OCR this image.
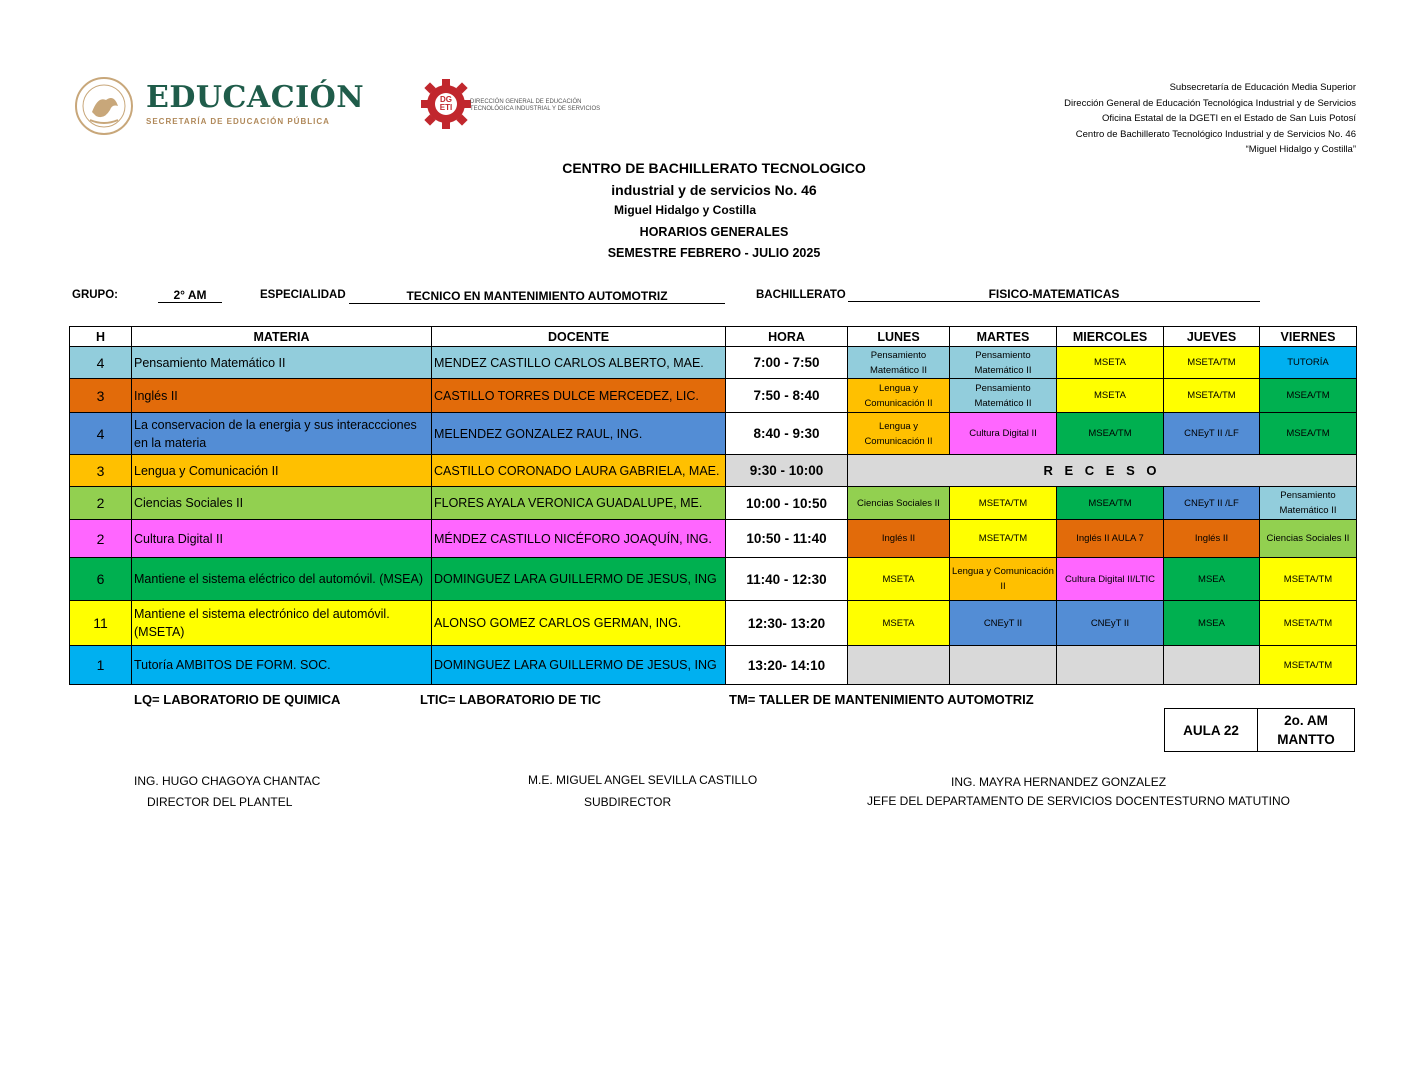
EDUCACIÓN
SECRETARÍA DE EDUCACIÓN PÚBLICA
DG
ETI
DIRECCIÓN GENERAL DE EDUCACIÓN
TECNOLÓGICA INDUSTRIAL Y DE SERVICIOS
Subsecretaría de Educación Media Superior
Dirección General de Educación Tecnológica Industrial y de Servicios
Oficina Estatal de la DGETI en el Estado de San Luis Potosí
Centro de Bachillerato Tecnológico Industrial y de Servicios No. 46
“Miguel Hidalgo y Costilla”
CENTRO DE BACHILLERATO TECNOLOGICO
industrial y de servicios No. 46
Miguel Hidalgo y Costilla
HORARIOS GENERALES
SEMESTRE FEBRERO - JULIO 2025
GRUPO:	2° AM	ESPECIALIDAD	TECNICO EN MANTENIMIENTO AUTOMOTRIZ	BACHILLERATO	FISICO-MATEMATICAS
H	MATERIA	DOCENTE	HORA	LUNES	MARTES	MIERCOLES	JUEVES	VIERNES
4	Pensamiento Matemático II	MENDEZ CASTILLO CARLOS ALBERTO, MAE.	7:00 - 7:50	Pensamiento Matemático II	Pensamiento Matemático II	MSETA	MSETA/TM	TUTORÍA
3	Inglés II	CASTILLO TORRES DULCE MERCEDEZ, LIC.	7:50 - 8:40	Lengua y Comunicación II	Pensamiento Matemático II	MSETA	MSETA/TM	MSEA/TM
4	La conservacion de la energia y sus interaccciones en la materia	MELENDEZ GONZALEZ RAUL, ING.	8:40 - 9:30	Lengua y Comunicación II	Cultura Digital II	MSEA/TM	CNEyT II /LF	MSEA/TM
3	Lengua y Comunicación II	CASTILLO CORONADO LAURA GABRIELA, MAE.	9:30 - 10:00	R E C E S O				
2	Ciencias Sociales II	FLORES AYALA VERONICA GUADALUPE, ME.	10:00 - 10:50	Ciencias Sociales II	MSETA/TM	MSEA/TM	CNEyT II /LF	Pensamiento Matemático II
2	Cultura Digital II	MÉNDEZ CASTILLO NICÉFORO JOAQUÍN, ING.	10:50 - 11:40	Inglés II	MSETA/TM	Inglés II AULA 7	Inglés II	Ciencias Sociales II
6	Mantiene el sistema eléctrico del automóvil. (MSEA)	DOMINGUEZ LARA GUILLERMO DE JESUS, ING	11:40 - 12:30	MSETA	Lengua y Comunicación II	Cultura Digital II/LTIC	MSEA	MSETA/TM
11	Mantiene el sistema electrónico del automóvil. (MSETA)	ALONSO GOMEZ CARLOS GERMAN, ING.	12:30- 13:20	MSETA	CNEyT II	CNEyT II	MSEA	MSETA/TM
1	Tutoría AMBITOS DE FORM. SOC.	DOMINGUEZ LARA GUILLERMO DE JESUS, ING	13:20- 14:10					MSETA/TM
LQ= LABORATORIO DE QUIMICA	LTIC= LABORATORIO DE TIC	TM= TALLER DE MANTENIMIENTO AUTOMOTRIZ
AULA 22	
2o. AM
MANTTO
ING. HUGO CHAGOYA CHANTAC
DIRECTOR DEL PLANTEL
M.E. MIGUEL ANGEL SEVILLA CASTILLO
SUBDIRECTOR
ING. MAYRA HERNANDEZ GONZALEZ
JEFE DEL DEPARTAMENTO DE SERVICIOS DOCENTESTURNO MATUTINO
